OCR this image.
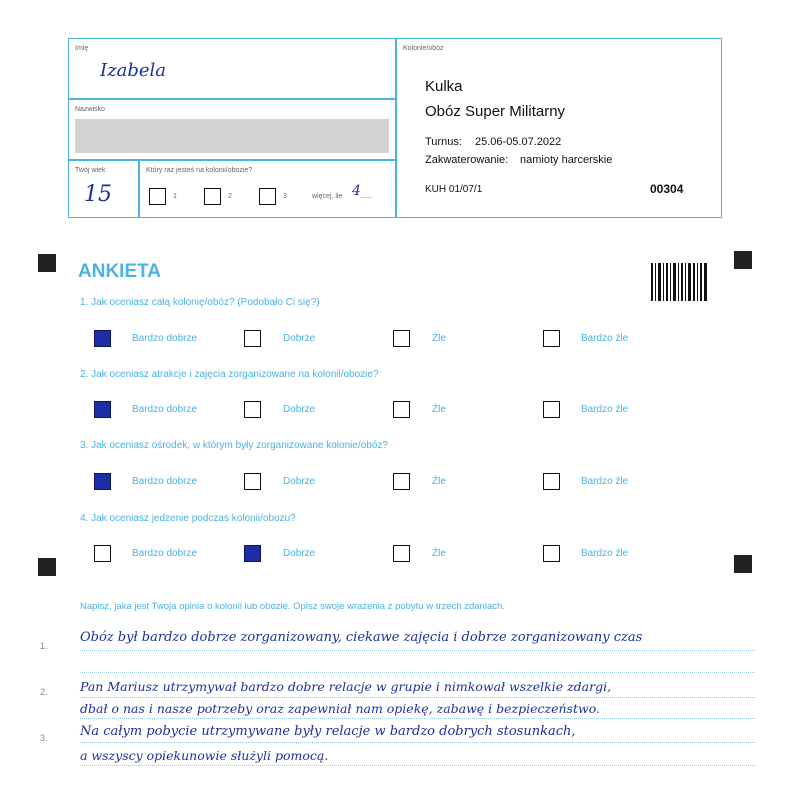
Imię
Izabela
Nazwisko
Twój wiek
15
Który raz jesteś na kolonii/obozie?
1	2	3	więcej, ile 4 ......
Kolonie/obóz
Kulka
Obóz Super Militarny
Turnus: 25.06-05.07.2022
Zakwaterowanie: namioty harcerskie
KUH 01/07/1	00304
ANKIETA
1. Jak oceniasz całą kolonię/obóz? (Podobało Ci się?)
Bardzo dobrze	Dobrze	Źle	Bardzo źle
2. Jak oceniasz atrakcje i zajęcia zorganizowane na kolonii/obozie?
Bardzo dobrze	Dobrze	Źle	Bardzo źle
3. Jak oceniasz ośrodek, w którym były zorganizowane kolonie/obóz?
Bardzo dobrze	Dobrze	Źle	Bardzo źle
4. Jak oceniasz jedzenie podczas kolonii/obozu?
Bardzo dobrze	Dobrze	Źle	Bardzo źle
Napisz, jaka jest Twoja opinia o kolonii lub obozie. Opisz swoje wrażenia z pobytu w trzech zdaniach.
1.
Obóz był bardzo dobrze zorganizowany, ciekawe zajęcia i dobrze zorganizowany czas
2.	Pan Mariusz utrzymywał bardzo dobre relacje w grupie i nimkował wszelkie zdargi,
dbał o nas i nasze potrzeby oraz zapewniał nam opiekę, zabawę i bezpieczeństwo.
3. Na całym pobycie utrzymywane były relacje w bardzo dobrych stosunkach,
a wszyscy opiekunowie służyli pomocą.
